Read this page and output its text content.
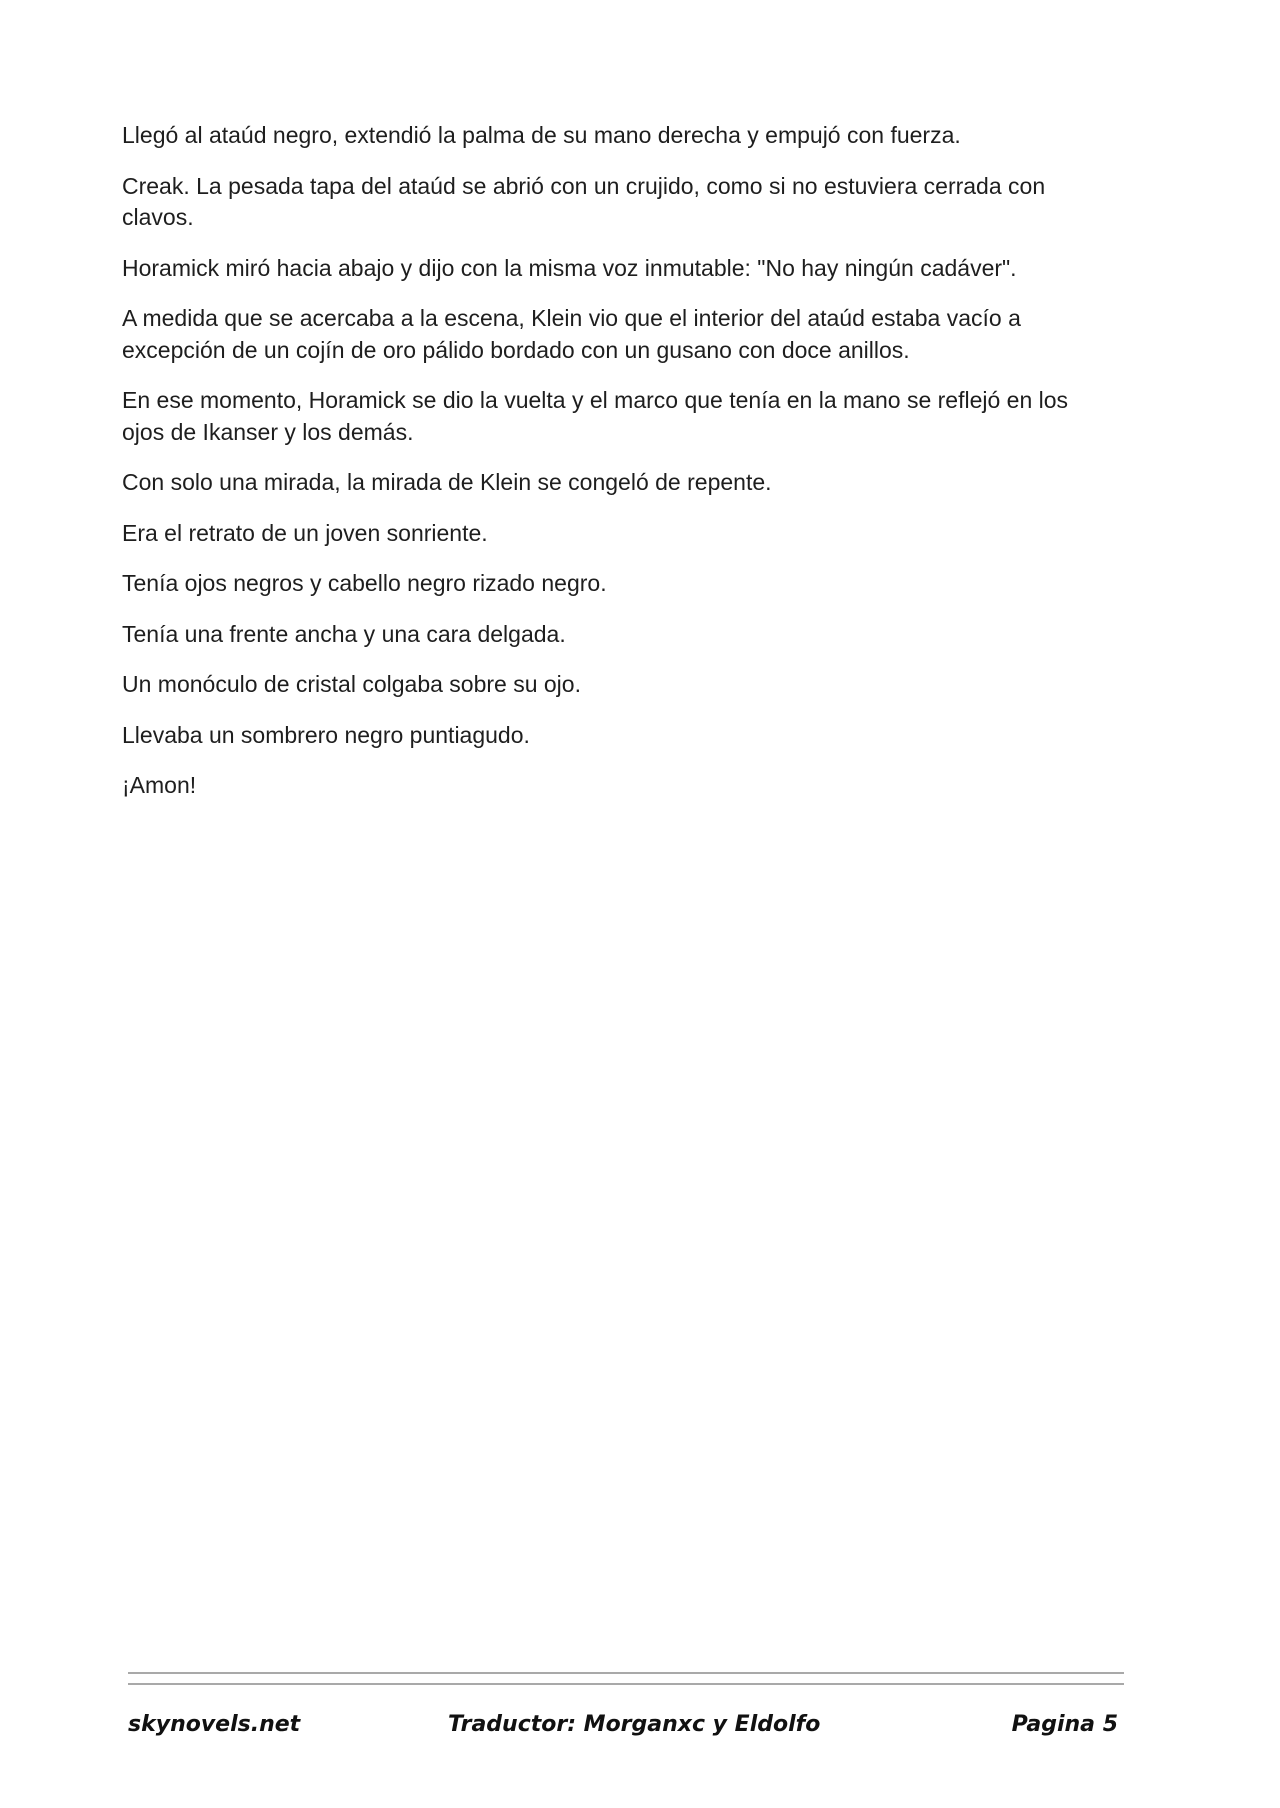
Llegó al ataúd negro, extendió la palma de su mano derecha y empujó con fuerza.

Creak. La pesada tapa del ataúd se abrió con un crujido, como si no estuviera cerrada con clavos.

Horamick miró hacia abajo y dijo con la misma voz inmutable: "No hay ningún cadáver".

A medida que se acercaba a la escena, Klein vio que el interior del ataúd estaba vacío a excepción de un cojín de oro pálido bordado con un gusano con doce anillos.

En ese momento, Horamick se dio la vuelta y el marco que tenía en la mano se reflejó en los ojos de Ikanser y los demás.

Con solo una mirada, la mirada de Klein se congeló de repente.

Era el retrato de un joven sonriente.

Tenía ojos negros y cabello negro rizado negro.

Tenía una frente ancha y una cara delgada.

Un monóculo de cristal colgaba sobre su ojo.

Llevaba un sombrero negro puntiagudo.

¡Amon!

skynovels.net	Traductor: Morganxc y Eldolfo	Pagina 5
